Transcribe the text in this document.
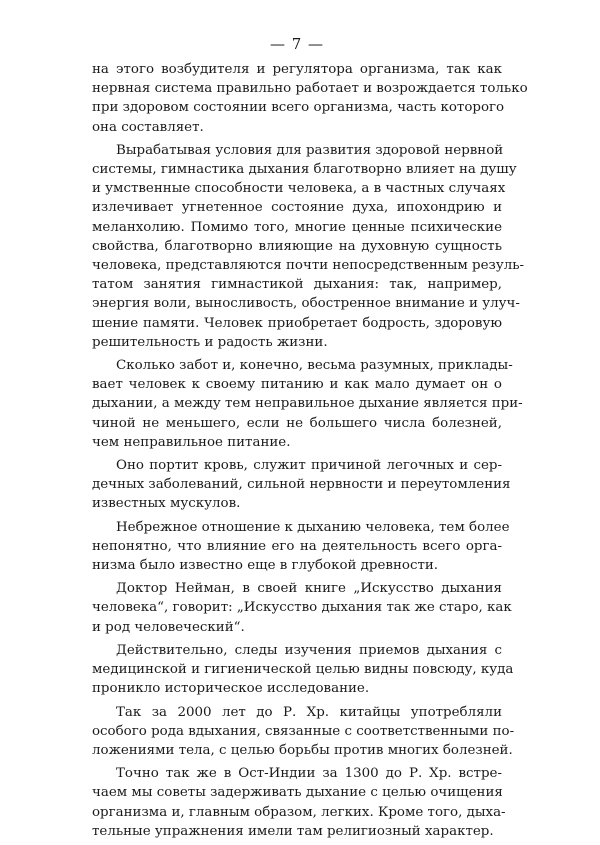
— 7 —

на этого возбудителя и регулятора организма, так как
нервная система правильно работает и возрождается только
при здоровом состоянии всего организма, часть которого
она составляет.

Вырабатывая условия для развития здоровой нервной
системы, гимнастика дыхания благотворно влияет на душу
и умственные способности человека, а в частных случаях
излечивает угнетенное состояние духа, ипохондрию и
меланхолию. Помимо того, многие ценные психические
свойства, благотворно влияющие на духовную сущность
человека, представляются почти непосредственным резуль-
татом занятия гимнастикой дыхания: так, например,
энергия воли, выносливость, обостренное внимание и улуч-
шение памяти. Человек приобретает бодрость, здоровую
решительность и радость жизни.

Сколько забот и, конечно, весьма разумных, приклады-
вает человек к своему питанию и как мало думает он о
дыхании, а между тем неправильное дыхание является при-
чиной не меньшего, если не большего числа болезней,
чем неправильное питание.

Оно портит кровь, служит причиной легочных и сер-
дечных заболеваний, сильной нервности и переутомления
известных мускулов.

Небрежное отношение к дыханию человека, тем более
непонятно, что влияние его на деятельность всего орга-
низма было известно еще в глубокой древности.

Доктор Нейман, в своей книге „Искусство дыхания
человека“, говорит: „Искусство дыхания так же старо, как
и род человеческий“.

Действительно, следы изучения приемов дыхания с
медицинской и гигиенической целью видны повсюду, куда
проникло историческое исследование.

Так за 2000 лет до Р. Хр. китайцы употребляли
особого рода вдыхания, связанные с соответственными по-
ложениями тела, с целью борьбы против многих болезней.

Точно так же в Ост-Индии за 1300 до Р. Хр. встре-
чаем мы советы задерживать дыхание с целью очищения
организма и, главным образом, легких. Кроме того, дыха-
тельные упражнения имели там религиозный характер.
